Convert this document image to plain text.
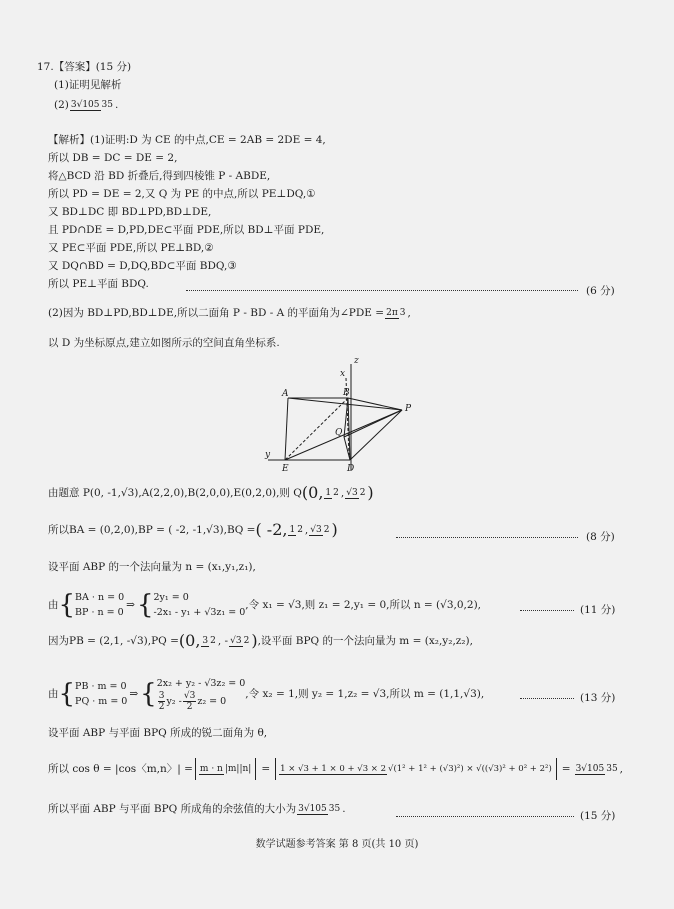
17.【答案】(15 分)
(1)证明见解析
(2) 3√105 35 .
【解析】(1)证明:D 为 CE 的中点,CE = 2AB = 2DE = 4,
所以 DB = DC = DE = 2,
将△BCD 沿 BD 折叠后,得到四棱锥 P - ABDE,
所以 PD = DE = 2,又 Q 为 PE 的中点,所以 PE⊥DQ,①
又 BD⊥DC 即 BD⊥PD,BD⊥DE,
且 PD∩DE = D,PD,DE⊂平面 PDE,所以 BD⊥平面 PDE,
又 PE⊂平面 PDE,所以 PE⊥BD,②
又 DQ∩BD = D,DQ,BD⊂平面 BDQ,③
所以 PE⊥平面 BDQ.
(6 分)
(2)因为 BD⊥PD,BD⊥DE,所以二面角 P - BD - A 的平面角为∠PDE = 2π 3 ,
以 D 为坐标原点,建立如图所示的空间直角坐标系.
z
x
y
A	B
P
Q
E	D
由题意 P(0, -1,√3),A(2,2,0),B(2,0,0),E(0,2,0),则 Q(0, 1 2 , √3 2 )
所以BA = (0,2,0),BP = ( -2, -1,√3),BQ =( -2, 1 2 , √3 2 )	(8 分)
设平面 ABP 的一个法向量为 n = (x₁,y₁,z₁),
由{ BA · n = 0
BP · n = 0
⇒{ 2y₁ = 0
-2x₁ - y₁ + √3z₁ = 0
,令 x₁ = √3,则 z₁ = 2,y₁ = 0,所以 n = (√3,0,2),	(11 分)
因为PB = (2,1, -√3),PQ =(0, 3 2 , - √3 2 ),设平面 BPQ 的一个法向量为 m = (x₂,y₂,z₂),
由{ PB · m = 0
PQ · m = 0
⇒{ 2x₂ + y₂ - √3z₂ = 0
$\frac{3}{2} y_2 - \frac{√3}{2} z_2 = 0$
,令 x₂ = 1,则 y₂ = 1,z₂ = √3,所以 m = (1,1,√3),	(13 分)
设平面 ABP 与平面 BPQ 所成的锐二面角为 θ,
所以 cos θ = |cos〈m,n〉| = m · n |m||n| = 1 × √3 + 1 × 0 + √3 × 2 √(1² + 1² + (√3)²) × √((√3)² + 0² + 2²) = 3√105 35 ,
所以平面 ABP 与平面 BPQ 所成角的余弦值的大小为 3√105 35 .
(15 分)
数学试题参考答案 第 8 页(共 10 页)
